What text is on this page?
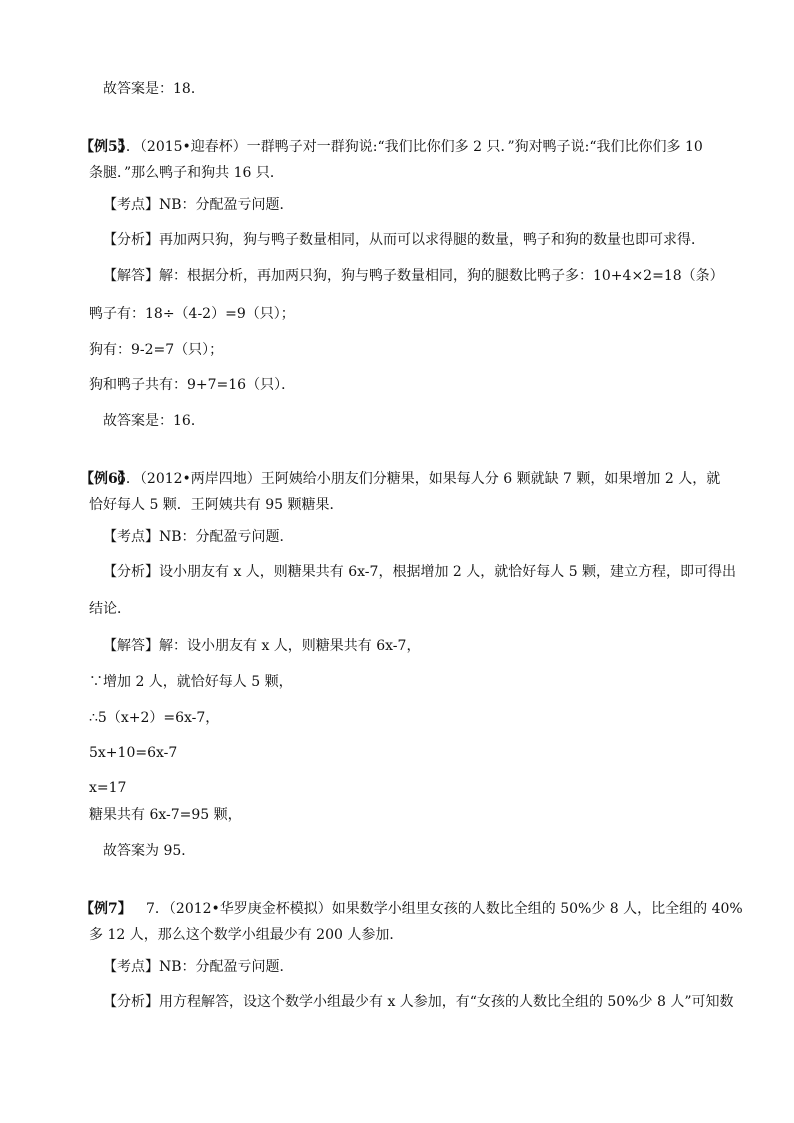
故答案是：18．
【例5】
5．（2015•迎春杯）一群鸭子对一群狗说:“我们比你们多 2 只．”狗对鸭子说:“我们比你们多 10
条腿．”那么鸭子和狗共 16 只．
【考点】NB：分配盈亏问题．
【分析】再加两只狗，狗与鸭子数量相同，从而可以求得腿的数量，鸭子和狗的数量也即可求得．
【解答】解：根据分析，再加两只狗，狗与鸭子数量相同，狗的腿数比鸭子多：10+4×2=18（条）
鸭子有：18÷（4-2）=9（只）；
狗有：9-2=7（只）；
狗和鸭子共有：9+7=16（只）．
故答案是：16．
【例6】
6．（2012•两岸四地）王阿姨给小朋友们分糖果，如果每人分 6 颗就缺 7 颗，如果增加 2 人，就
恰好每人 5 颗．王阿姨共有 95 颗糖果．
【考点】NB：分配盈亏问题．
【分析】设小朋友有 x 人，则糖果共有 6x-7，根据增加 2 人，就恰好每人 5 颗，建立方程，即可得出
结论．
【解答】解：设小朋友有 x 人，则糖果共有 6x-7，
∵增加 2 人，就恰好每人 5 颗，
∴5（x+2）=6x-7，
5x+10=6x-7
x=17
糖果共有 6x-7=95 颗，
故答案为 95．
【例7】 7．（2012•华罗庚金杯模拟）如果数学小组里女孩的人数比全组的 50%少 8 人，比全组的 40%
多 12 人，那么这个数学小组最少有 200 人参加．
【考点】NB：分配盈亏问题．
【分析】用方程解答，设这个数学小组最少有 x 人参加，有“女孩的人数比全组的 50%少 8 人”可知数
